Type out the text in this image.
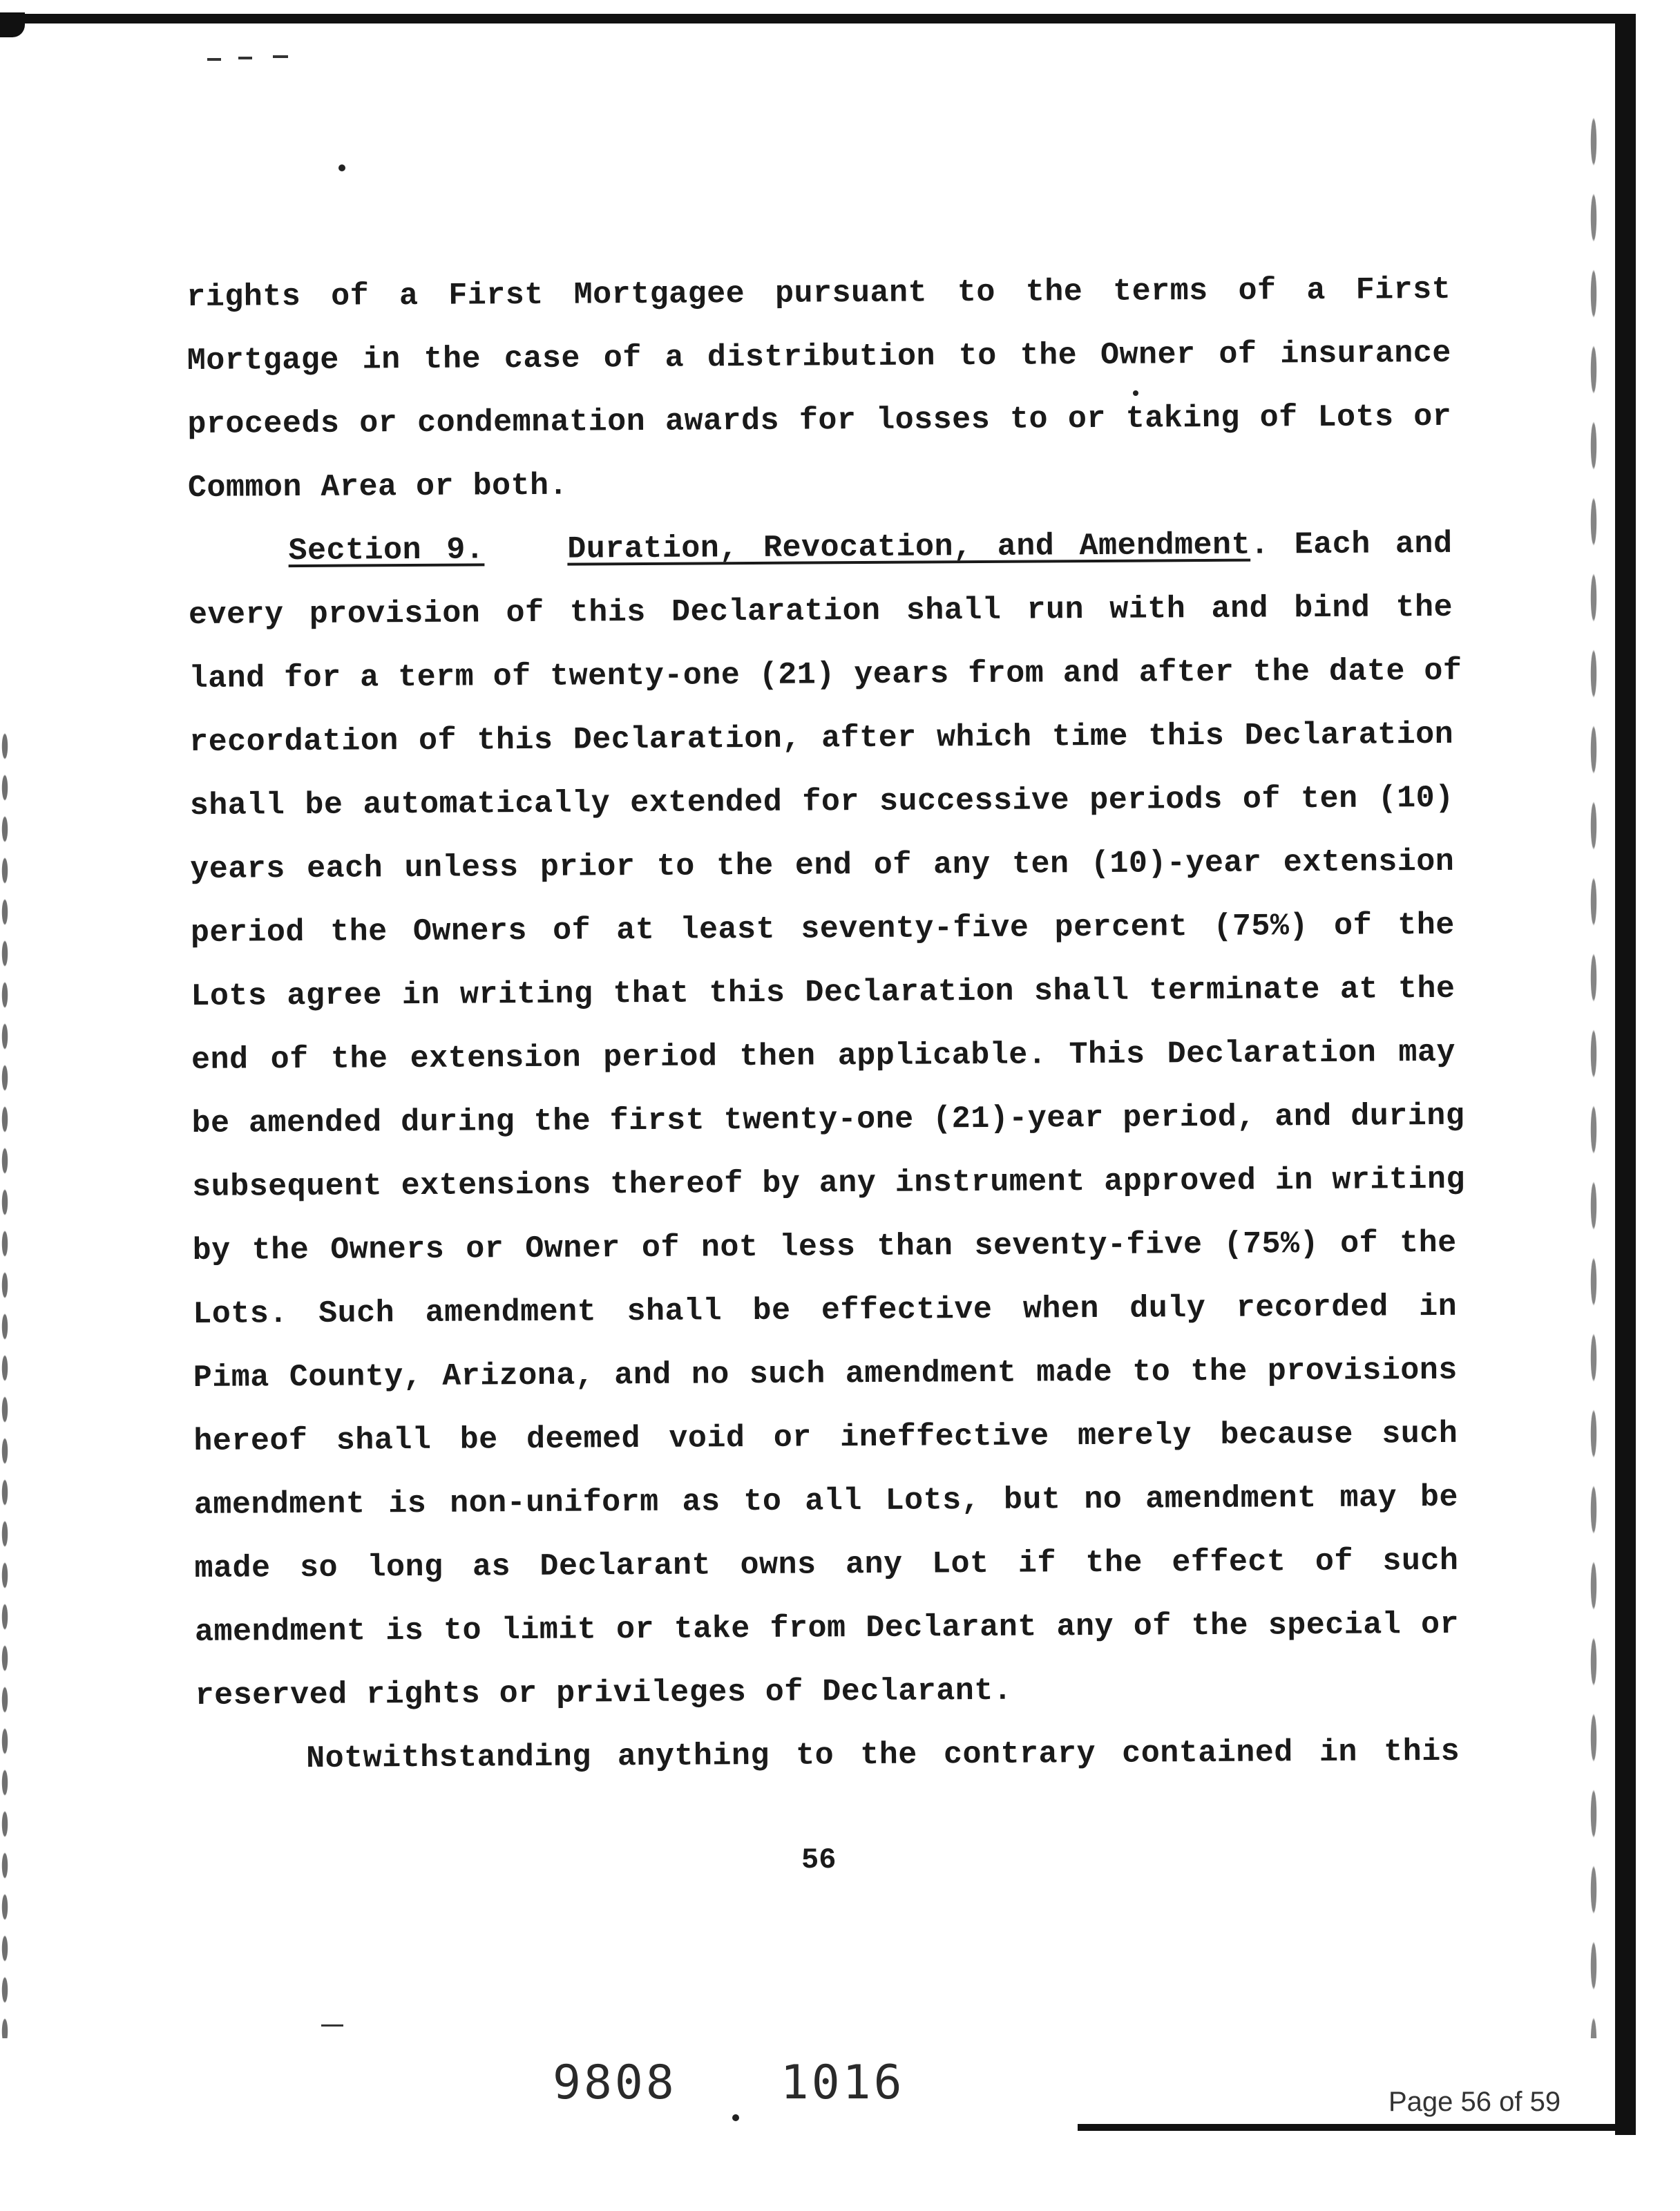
rights of a First Mortgagee pursuant to the terms of a First
Mortgage in the case of a distribution to the Owner of insurance
proceeds or condemnation awards for losses to or taking of Lots or
Common Area or both.
Section 9.	Duration, Revocation, and Amendment. Each and
every provision of this Declaration shall run with and bind the
land for a term of twenty-one (21) years from and after the date of
recordation of this Declaration, after which time this Declaration
shall be automatically extended for successive periods of ten (10)
years each unless prior to the end of any ten (10)-year extension
period the Owners of at least seventy-five percent (75%) of the
Lots agree in writing that this Declaration shall terminate at the
end of the extension period then applicable. This Declaration may
be amended during the first twenty-one (21)-year period, and during
subsequent extensions thereof by any instrument approved in writing
by the Owners or Owner of not less than seventy-five (75%) of the
Lots. Such amendment shall be effective when duly recorded in
Pima County, Arizona, and no such amendment made to the provisions
hereof shall be deemed void or ineffective merely because such
amendment is non-uniform as to all Lots, but no amendment may be
made so long as Declarant owns any Lot if the effect of such
amendment is to limit or take from Declarant any of the special or
reserved rights or privileges of Declarant.
Notwithstanding anything to the contrary contained in this
56
9808 1016	Page 56 of 59
